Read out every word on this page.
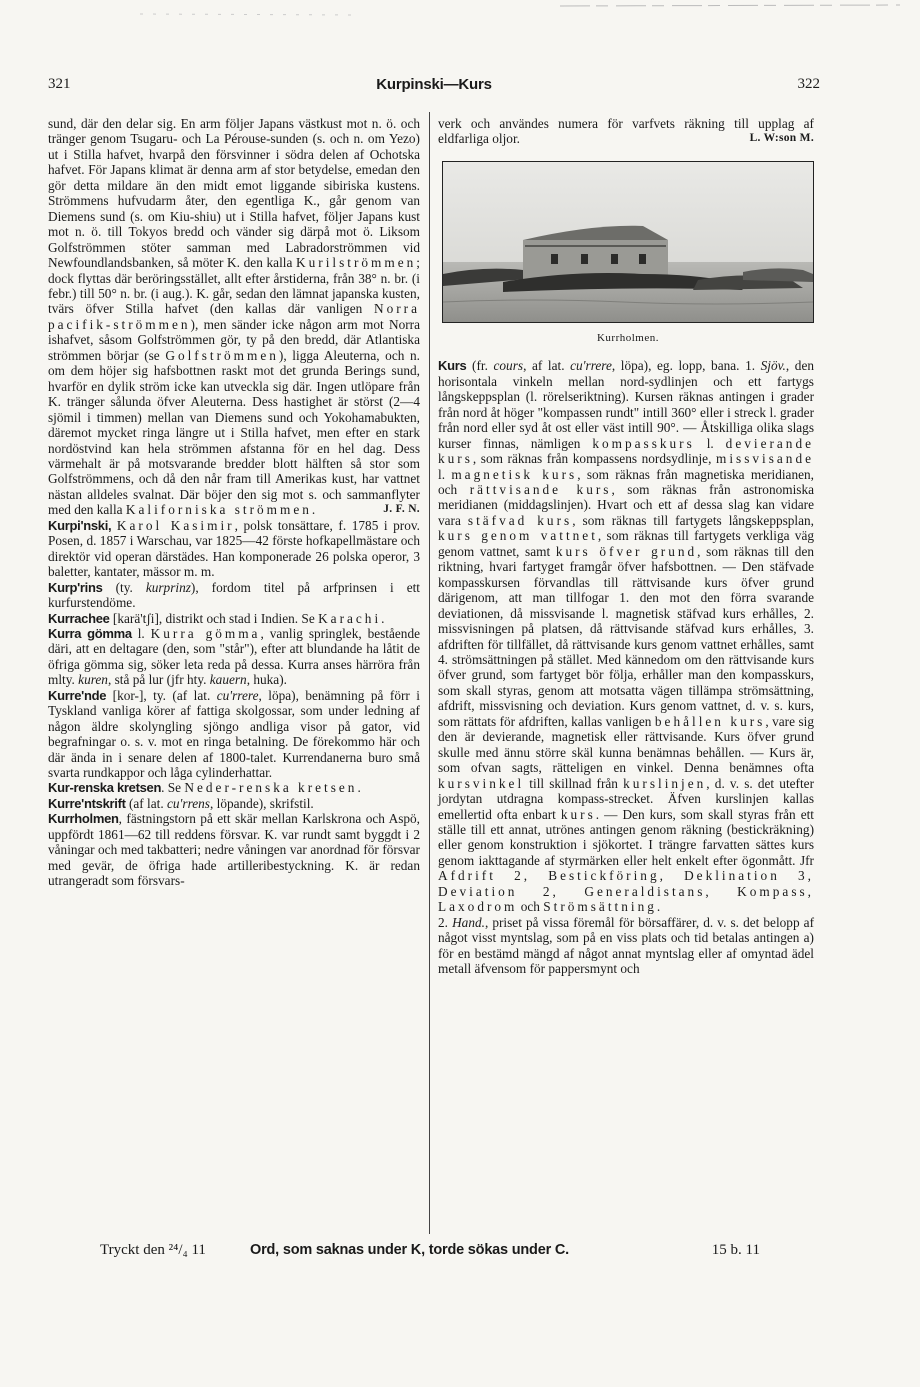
321	Kurpinski—Kurs	322

sund, där den delar sig. En arm följer Japans västkust mot n. ö. och tränger genom Tsugaru- och La Pérouse-sunden (s. och n. om Yezo) ut i Stilla hafvet, hvarpå den försvinner i södra delen af Ochotska hafvet. För Japans klimat är denna arm af stor betydelse, emedan den gör detta mildare än den midt emot liggande sibiriska kustens. Strömmens hufvudarm åter, den egentliga K., går genom van Diemens sund (s. om Kiu-shiu) ut i Stilla hafvet, följer Japans kust mot n. ö. till Tokyos bredd och vänder sig därpå mot ö. Liksom Golfströmmen stöter samman med Labradorströmmen vid Newfoundlandsbanken, så möter K. den kalla Kurilströmmen; dock flyttas där beröringsstället, allt efter årstiderna, från 38° n. br. (i febr.) till 50° n. br. (i aug.). K. går, sedan den lämnat japanska kusten, tvärs öfver Stilla hafvet (den kallas där vanligen Norra pacifik-strömmen), men sänder icke någon arm mot Norra ishafvet, såsom Golfströmmen gör, ty på den bredd, där Atlantiska strömmen börjar (se Golfströmmen), ligga Aleuterna, och n. om dem höjer sig hafsbottnen raskt mot det grunda Berings sund, hvarför en dylik ström icke kan utveckla sig där. Ingen utlöpare från K. tränger sålunda öfver Aleuterna. Dess hastighet är störst (2—4 sjömil i timmen) mellan van Diemens sund och Yokohamabukten, däremot mycket ringa längre ut i Stilla hafvet, men efter en stark nordöstvind kan hela strömmen afstanna för en hel dag. Dess värmehalt är på motsvarande bredder blott hälften så stor som Golfströmmens, och då den når fram till Amerikas kust, har vattnet nästan alldeles svalnat. Där böjer den sig mot s. och sammanflyter med den kalla Kaliforniska strömmen.	J. F. N.

Kurpi'nski, Karol Kasimir, polsk tonsättare, f. 1785 i prov. Posen, d. 1857 i Warschau, var 1825—42 förste hofkapellmästare och direktör vid operan därstädes. Han komponerade 26 polska operor, 3 baletter, kantater, mässor m. m.

Kurp'rins (ty. kurprinz), fordom titel på arfprinsen i ett kurfurstendöme.

Kurrachee [karä'tʃi], distrikt och stad i Indien. Se Karachi.

Kurra gömma l. Kurra gömma, vanlig springlek, bestående däri, att en deltagare (den, som "står"), efter att blundande ha låtit de öfriga gömma sig, söker leta reda på dessa. Kurra anses härröra från mlty. kuren, stå på lur (jfr hty. kauern, huka).

Kurre'nde [kor-], ty. (af lat. cu'rrere, löpa), benämning på förr i Tyskland vanliga körer af fattiga skolgossar, som under ledning af någon äldre skolyngling sjöngo andliga visor på gator, vid begrafningar o. s. v. mot en ringa betalning. De förekommo här och där ända in i senare delen af 1800-talet. Kurrendanerna buro små svarta rundkappor och låga cylinderhattar.

Kur-renska kretsen. Se Neder-renska kretsen.

Kurre'ntskrift (af lat. cu'rrens, löpande), skrifstil.

Kurrholmen, fästningstorn på ett skär mellan Karlskrona och Aspö, uppfördt 1861—62 till reddens försvar. K. var rundt samt byggdt i 2 våningar och med takbatteri; nedre våningen var anordnad för försvar med gevär, de öfriga hade artilleribestyckning. K. är redan utrangeradt som försvars-

verk och användes numera för varfvets räkning till upplag af eldfarliga oljor.	L. W:son M.

Kurrholmen.

Kurs (fr. cours, af lat. cu'rrere, löpa), eg. lopp, bana. 1. Sjöv., den horisontala vinkeln mellan nord-sydlinjen och ett fartygs långskeppsplan (l. rörelseriktning). Kursen räknas antingen i grader från nord åt höger "kompassen rundt" intill 360° eller i streck l. grader från nord eller syd åt ost eller väst intill 90°. — Åtskilliga olika slags kurser finnas, nämligen kompasskurs l. devierande kurs, som räknas från kompassens nordsydlinje, missvisande l. magnetisk kurs, som räknas från magnetiska meridianen, och rättvisande kurs, som räknas från astronomiska meridianen (middagslinjen). Hvart och ett af dessa slag kan vidare vara stäfvad kurs, som räknas till fartygets långskeppsplan, kurs genom vattnet, som räknas till fartygets verkliga väg genom vattnet, samt kurs öfver grund, som räknas till den riktning, hvari fartyget framgår öfver hafsbottnen. — Den stäfvade kompasskursen förvandlas till rättvisande kurs öfver grund därigenom, att man tillfogar 1. den mot den förra svarande deviationen, då missvisande l. magnetisk stäfvad kurs erhålles, 2. missvisningen på platsen, då rättvisande stäfvad kurs erhålles, 3. afdriften för tillfället, då rättvisande kurs genom vattnet erhålles, samt 4. strömsättningen på stället. Med kännedom om den rättvisande kurs öfver grund, som fartyget bör följa, erhåller man den kompasskurs, som skall styras, genom att motsatta vägen tillämpa strömsättning, afdrift, missvisning och deviation. Kurs genom vattnet, d. v. s. kurs, som rättats för afdriften, kallas vanligen behållen kurs, vare sig den är devierande, magnetisk eller rättvisande. Kurs öfver grund skulle med ännu större skäl kunna benämnas behållen. — Kurs är, som ofvan sagts, rätteligen en vinkel. Denna benämnes ofta kursvinkel till skillnad från kurslinjen, d. v. s. det utefter jordytan utdragna kompass-strecket. Äfven kurslinjen kallas emellertid ofta enbart kurs. — Den kurs, som skall styras från ett ställe till ett annat, utrönes antingen genom räkning (bestickräkning) eller genom konstruktion i sjökortet. I trängre farvatten sättes kurs genom iakttagande af styrmärken eller helt enkelt efter ögonmått. Jfr Afdrift 2, Bestickföring, Deklination 3, Deviation 2, Generaldistans, Kompass, Laxodrom och Strömsättning.

2. Hand., priset på vissa föremål för börsaffärer, d. v. s. det belopp af något visst myntslag, som på en viss plats och tid betalas antingen a) för en bestämd mängd af något annat myntslag eller af omyntad ädel metall äfvensom för pappersmynt och

Tryckt den ²⁴/₄ 11	Ord, som saknas under K, torde sökas under C.	15 b. 11
